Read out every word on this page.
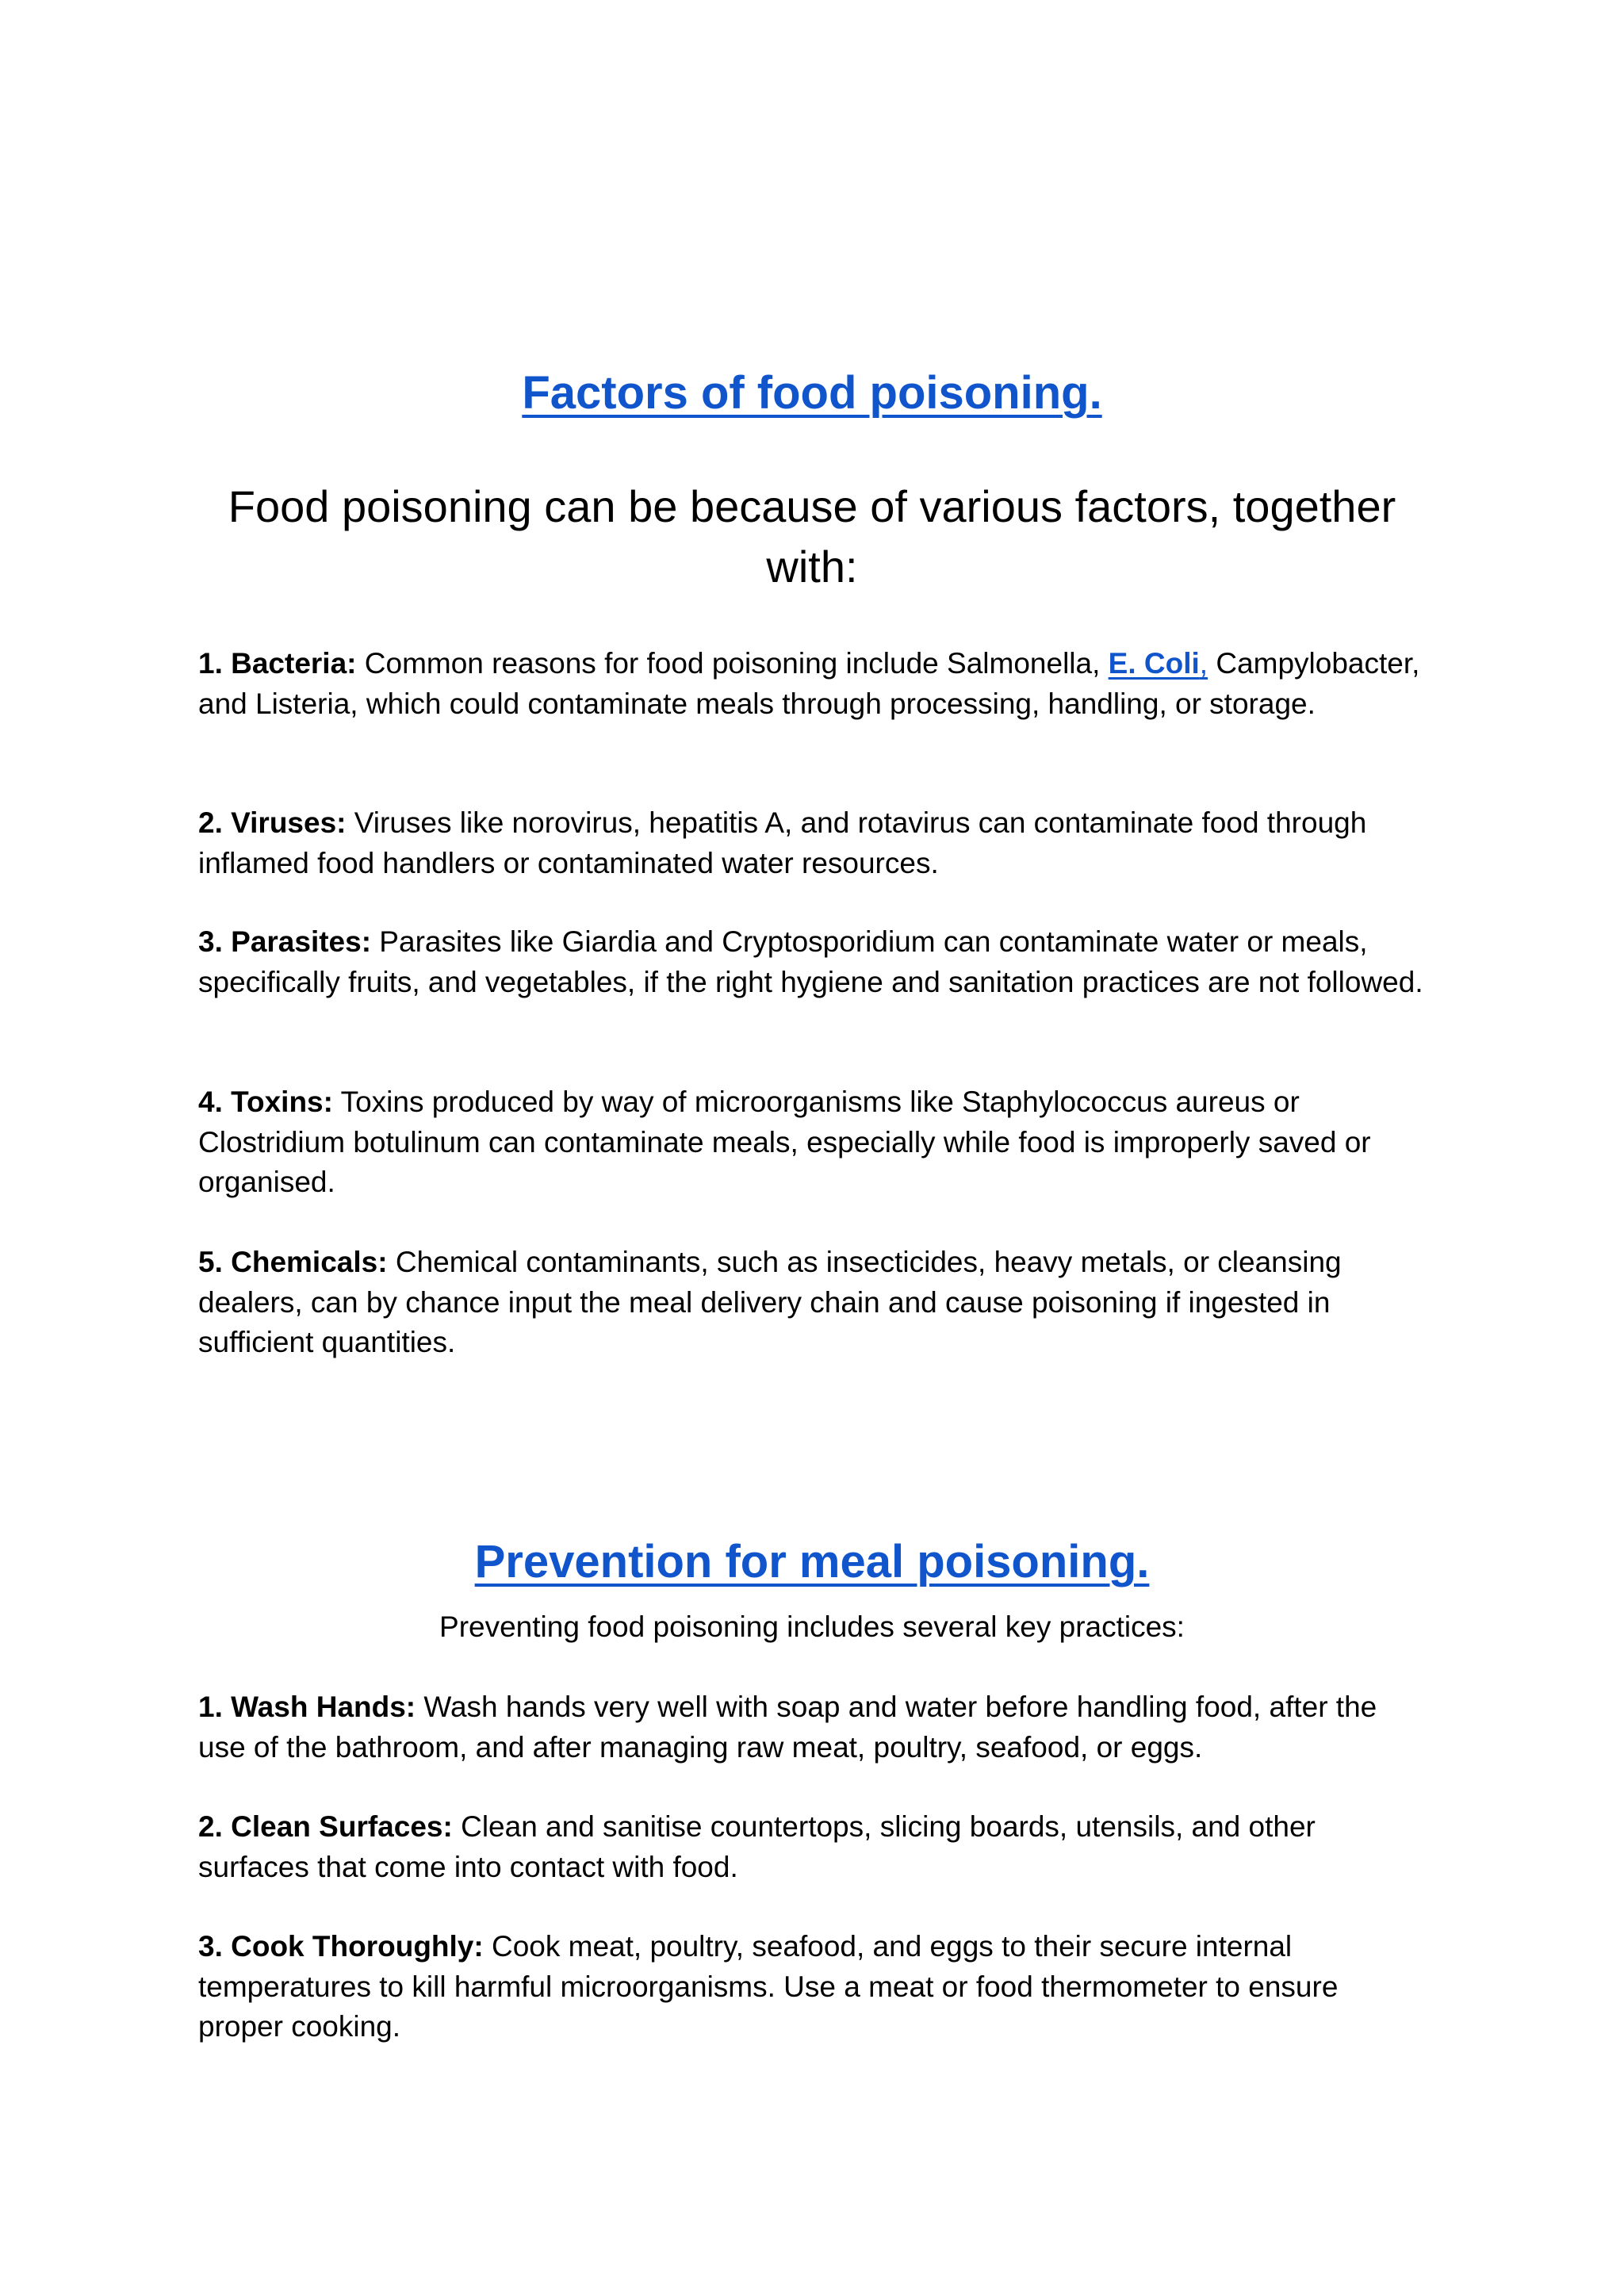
Factors of food poisoning.

Food poisoning can be because of various factors, together with:

1. Bacteria: Common reasons for food poisoning include Salmonella, E. Coli, Campylobacter, and Listeria, which could contaminate meals through processing, handling, or storage.

2. Viruses: Viruses like norovirus, hepatitis A, and rotavirus can contaminate food through inflamed food handlers or contaminated water resources.

3. Parasites: Parasites like Giardia and Cryptosporidium can contaminate water or meals, specifically fruits, and vegetables, if the right hygiene and sanitation practices are not followed.

4. Toxins: Toxins produced by way of microorganisms like Staphylococcus aureus or Clostridium botulinum can contaminate meals, especially while food is improperly saved or organised.

5. Chemicals: Chemical contaminants, such as insecticides, heavy metals, or cleansing dealers, can by chance input the meal delivery chain and cause poisoning if ingested in sufficient quantities.

Prevention for meal poisoning.

Preventing food poisoning includes several key practices:

1. Wash Hands: Wash hands very well with soap and water before handling food, after the use of the bathroom, and after managing raw meat, poultry, seafood, or eggs.

2. Clean Surfaces: Clean and sanitise countertops, slicing boards, utensils, and other surfaces that come into contact with food.

3. Cook Thoroughly: Cook meat, poultry, seafood, and eggs to their secure internal temperatures to kill harmful microorganisms. Use a meat or food thermometer to ensure proper cooking.
